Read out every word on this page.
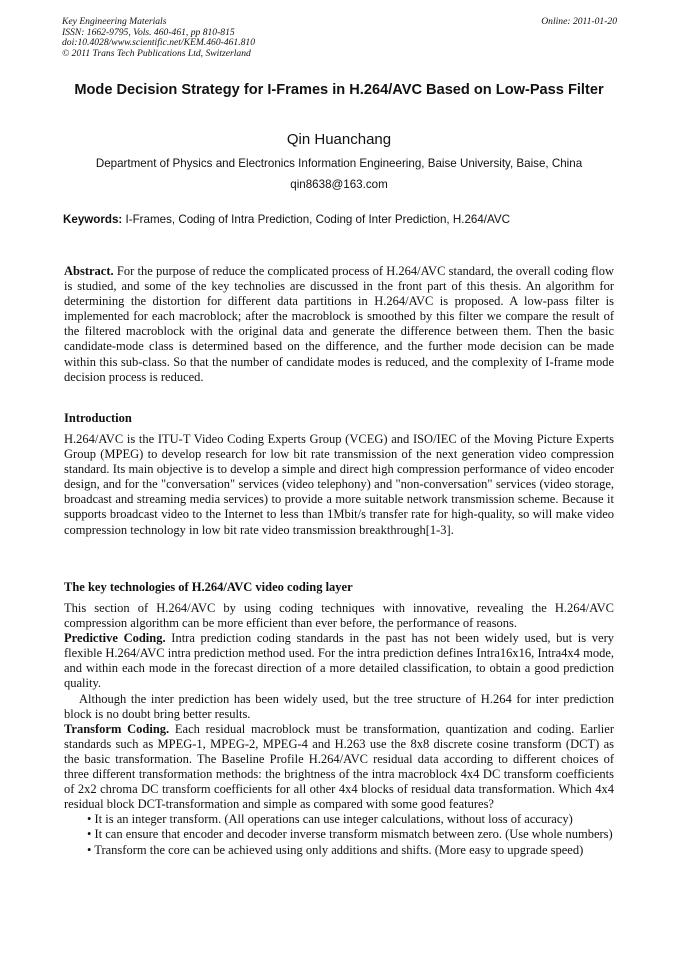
Key Engineering Materials
ISSN: 1662-9795, Vols. 460-461, pp 810-815
doi:10.4028/www.scientific.net/KEM.460-461.810
© 2011 Trans Tech Publications Ltd, Switzerland
Online: 2011-01-20
Mode Decision Strategy for I-Frames in H.264/AVC Based on Low-Pass Filter
Qin Huanchang
Department of Physics and Electronics Information Engineering, Baise University, Baise, China
qin8638@163.com
Keywords: I-Frames, Coding of Intra Prediction, Coding of Inter Prediction, H.264/AVC

Abstract. For the purpose of reduce the complicated process of H.264/AVC standard, the overall coding flow is studied, and some of the key technolies are discussed in the front part of this thesis. An algorithm for determining the distortion for different data partitions in H.264/AVC is proposed. A low-pass filter is implemented for each macroblock; after the macroblock is smoothed by this filter we compare the result of the filtered macroblock with the original data and generate the difference between them. Then the basic candidate-mode class is determined based on the difference, and the further mode decision can be made within this sub-class. So that the number of candidate modes is reduced, and the complexity of I-frame mode decision process is reduced.

Introduction

H.264/AVC is the ITU-T Video Coding Experts Group (VCEG) and ISO/IEC of the Moving Picture Experts Group (MPEG) to develop research for low bit rate transmission of the next generation video compression standard. Its main objective is to develop a simple and direct high compression performance of video encoder design, and for the "conversation" services (video telephony) and "non-conversation" services (video storage, broadcast and streaming media services) to provide a more suitable network transmission scheme. Because it supports broadcast video to the Internet to less than 1Mbit/s transfer rate for high-quality, so will make video compression technology in low bit rate video transmission breakthrough[1-3].

The key technologies of H.264/AVC video coding layer

This section of H.264/AVC by using coding techniques with innovative, revealing the H.264/AVC compression algorithm can be more efficient than ever before, the performance of reasons.

Predictive Coding. Intra prediction coding standards in the past has not been widely used, but is very flexible H.264/AVC intra prediction method used. For the intra prediction defines Intra16x16, Intra4x4 mode, and within each mode in the forecast direction of a more detailed classification, to obtain a good prediction quality.

Although the inter prediction has been widely used, but the tree structure of H.264 for inter prediction block is no doubt bring better results.

Transform Coding. Each residual macroblock must be transformation, quantization and coding. Earlier standards such as MPEG-1, MPEG-2, MPEG-4 and H.263 use the 8x8 discrete cosine transform (DCT) as the basic transformation. The Baseline Profile H.264/AVC residual data according to different choices of three different transformation methods: the brightness of the intra macroblock 4x4 DC transform coefficients of 2x2 chroma DC transform coefficients for all other 4x4 blocks of residual data transformation. Which 4x4 residual block DCT-transformation and simple as compared with some good features?

• It is an integer transform. (All operations can use integer calculations, without loss of accuracy)

• It can ensure that encoder and decoder inverse transform mismatch between zero. (Use whole numbers)

• Transform the core can be achieved using only additions and shifts. (More easy to upgrade speed)
